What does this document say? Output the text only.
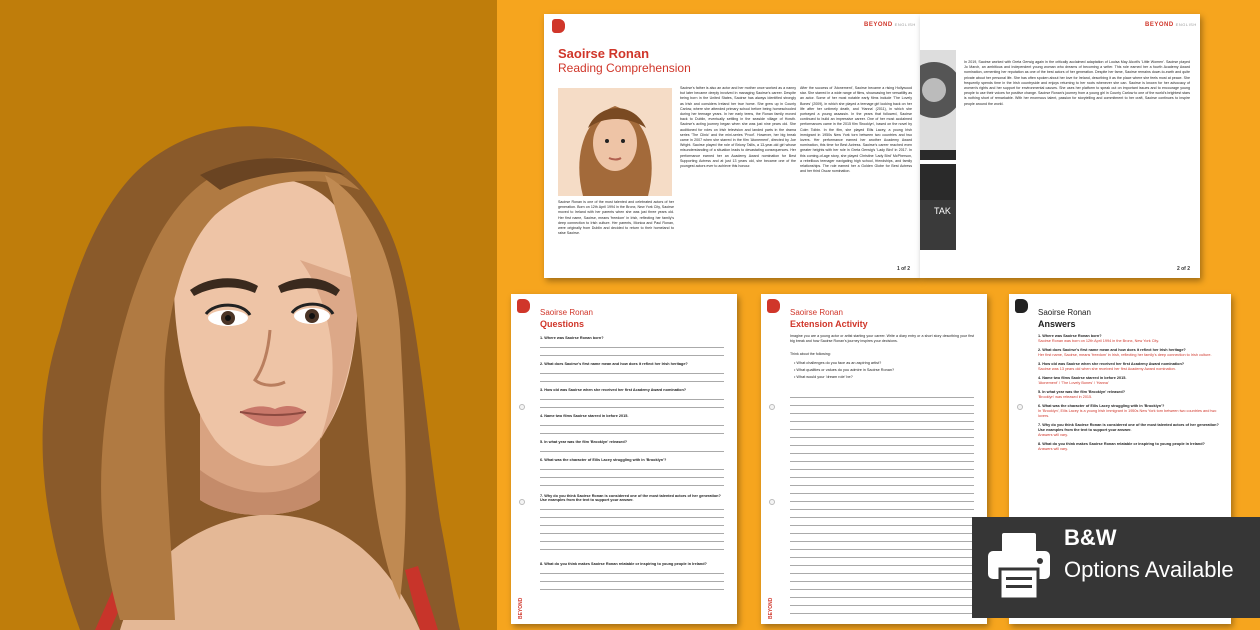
BEYOND ENGLISH
Saoirse Ronan
Reading Comprehension
Saoirse Ronan is one of the most talented and celebrated actors of her generation. Born on 12th April 1994 in the Bronx, New York City, Saoirse moved to Ireland with her parents when she was just three years old. Her first name, Saoirse, means 'freedom' in Irish, reflecting her family's deep connection to Irish culture. Her parents, Monica and Paul Ronan, were originally from Dublin and decided to return to their homeland to raise Saoirse.
Saoirse's father is also an actor and her mother once worked as a nanny but later became deeply involved in managing Saoirse's career. Despite being born in the United States, Saoirse has always identified strongly as Irish and considers Ireland her true home. She grew up in County Carlow, where she attended primary school before being homeschooled during her teenage years. In her early teens, the Ronan family moved back to Dublin, eventually settling in the seaside village of Howth. Saoirse's acting journey began when she was just nine years old. She auditioned for roles on Irish television and landed parts in the drama series 'The Clinic' and the mini-series 'Proof'. However, her big break came in 2007 when she starred in the film 'Atonement', directed by Joe Wright. Saoirse played the role of Briony Tallis, a 13-year-old girl whose misunderstanding of a situation leads to devastating consequences. Her performance earned her an Academy Award nomination for Best Supporting Actress and at just 13 years old, she became one of the youngest actors ever to achieve this honour.
After the success of 'Atonement', Saoirse became a rising Hollywood star. She starred in a wide range of films, showcasing her versatility as an actor. Some of her most notable early films include 'The Lovely Bones' (2009), in which she played a teenage girl looking back on her life after her untimely death, and 'Hanna' (2011), in which she portrayed a young assassin. In the years that followed, Saoirse continued to build an impressive career. One of her most acclaimed performances came in the 2015 film 'Brooklyn', based on the novel by Colm Toibin. In the film, she played Eilis Lacey, a young Irish immigrant in 1950s New York torn between two countries and two lovers. Her performance earned her another Academy Award nomination, this time for Best Actress. Saoirse's career reached even greater heights with her role in Greta Gerwig's 'Lady Bird' in 2017. In this coming-of-age story, she played Christine 'Lady Bird' McPherson, a rebellious teenager navigating high school, friendships, and family relationships. The role earned her a Golden Globe for Best Actress and her third Oscar nomination.
1 of 2
BEYOND ENGLISH
TAK
In 2019, Saoirse worked with Greta Gerwig again in the critically acclaimed adaptation of Louisa May Alcott's 'Little Women'. Saoirse played Jo March, an ambitious and independent young woman who dreams of becoming a writer. This role earned her a fourth Academy Award nomination, cementing her reputation as one of the best actors of her generation. Despite her fame, Saoirse remains down-to-earth and quite private about her personal life. She has often spoken about her love for Ireland, describing it as the place where she feels most at peace. She frequently spends time in the Irish countryside and enjoys returning to her roots whenever she can. Saoirse is known for her advocacy of women's rights and her support for environmental causes. She uses her platform to speak out on important issues and to encourage young people to use their voices for positive change. Saoirse Ronan's journey from a young girl in County Carlow to one of the world's brightest stars is nothing short of remarkable. With her enormous talent, passion for storytelling and commitment to her craft, Saoirse continues to inspire people around the world.
2 of 2
BEYOND
Saoirse Ronan
Questions
1. Where was Saoirse Ronan born?
2. What does Saoirse's first name mean and how does it reflect her Irish heritage?
3. How old was Saoirse when she received her first Academy Award nomination?
4. Name two films Saoirse starred in before 2015.
5. In what year was the film 'Brooklyn' released?
6. What was the character of Eilis Lacey struggling with in 'Brooklyn'?
7. Why do you think Saoirse Ronan is considered one of the most talented actors of her generation? Use examples from the text to support your answer.
8. What do you think makes Saoirse Ronan relatable or inspiring to young people in Ireland?
BEYOND
Saoirse Ronan
Extension Activity
Imagine you are a young actor or artist starting your career. Write a diary entry or a short story describing your first big break and how Saoirse Ronan's journey inspires your decisions.
Think about the following:
• What challenges do you face as an aspiring artist?
• What qualities or values do you admire in Saoirse Ronan?
• What would your 'dream role' be?
Saoirse Ronan
Answers
1. Where was Saoirse Ronan born?
Saoirse Ronan was born on 12th April 1994 in the Bronx, New York City.
2. What does Saoirse's first name mean and how does it reflect her Irish heritage?
Her first name, Saoirse, means 'freedom' in Irish, reflecting her family's deep connection to Irish culture.
3. How old was Saoirse when she received her first Academy Award nomination?
Saoirse was 13 years old when she received her first Academy Award nomination.
4. Name two films Saoirse starred in before 2015.
'Atonement' / 'The Lovely Bones' / 'Hanna'
5. In what year was the film 'Brooklyn' released?
'Brooklyn' was released in 2015.
6. What was the character of Eilis Lacey struggling with in 'Brooklyn'?
In 'Brooklyn', Eilis Lacey is a young Irish immigrant in 1950s New York torn between two countries and two lovers.
7. Why do you think Saoirse Ronan is considered one of the most talented actors of her generation? Use examples from the text to support your answer.
Answers will vary.
8. What do you think makes Saoirse Ronan relatable or inspiring to young people in Ireland?
Answers will vary.
B&W
Options Available
